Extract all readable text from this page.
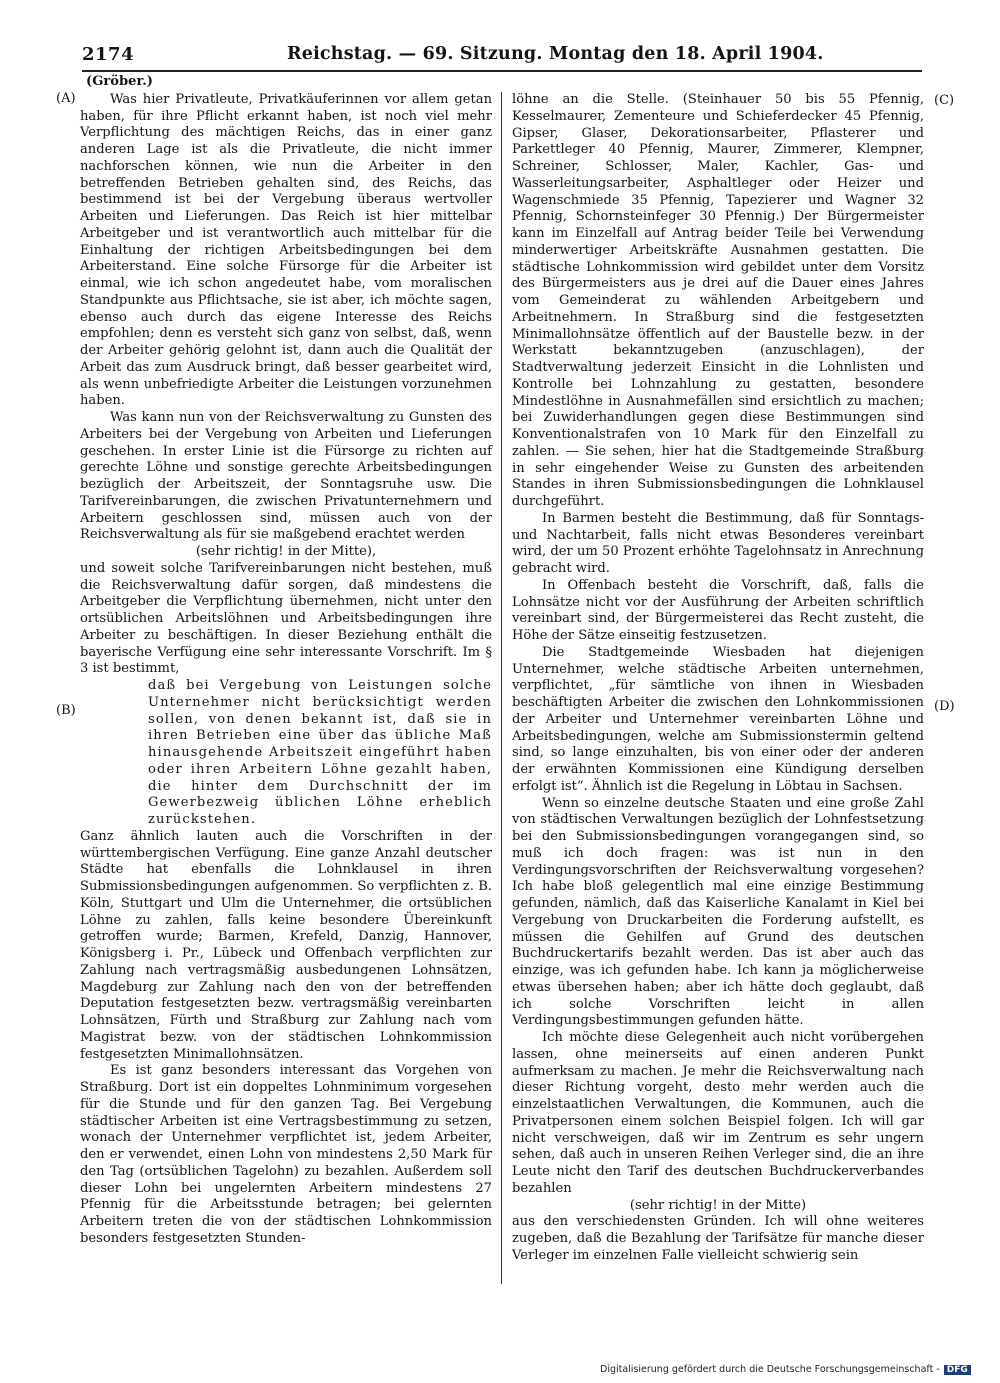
2174	Reichstag. — 69. Sitzung. Montag den 18. April 1904.
(A)
(B)
(C)
(D)

(Gröber.)

Was hier Privatleute, Privatkäuferinnen vor allem getan haben, für ihre Pflicht erkannt haben, ist noch viel mehr Verpflichtung des mächtigen Reichs, das in einer ganz anderen Lage ist als die Privatleute, die nicht immer nachforschen können, wie nun die Arbeiter in den betreffenden Betrieben gehalten sind, des Reichs, das bestimmend ist bei der Vergebung überaus wertvoller Arbeiten und Lieferungen. Das Reich ist hier mittelbar Arbeitgeber und ist verantwortlich auch mittelbar für die Einhaltung der richtigen Arbeitsbedingungen bei dem Arbeiterstand. Eine solche Fürsorge für die Arbeiter ist einmal, wie ich schon angedeutet habe, vom moralischen Standpunkte aus Pflichtsache, sie ist aber, ich möchte sagen, ebenso auch durch das eigene Interesse des Reichs empfohlen; denn es versteht sich ganz von selbst, daß, wenn der Arbeiter gehörig gelohnt ist, dann auch die Qualität der Arbeit das zum Ausdruck bringt, daß besser gearbeitet wird, als wenn unbefriedigte Arbeiter die Leistungen vorzunehmen haben.

Was kann nun von der Reichsverwaltung zu Gunsten des Arbeiters bei der Vergebung von Arbeiten und Lieferungen geschehen. In erster Linie ist die Fürsorge zu richten auf gerechte Löhne und sonstige gerechte Arbeitsbedingungen bezüglich der Arbeitszeit, der Sonntagsruhe usw. Die Tarifvereinbarungen, die zwischen Privatunternehmern und Arbeitern geschlossen sind, müssen auch von der Reichsverwaltung als für sie maßgebend erachtet werden

(sehr richtig! in der Mitte),

und soweit solche Tarifvereinbarungen nicht bestehen, muß die Reichsverwaltung dafür sorgen, daß mindestens die Arbeitgeber die Verpflichtung übernehmen, nicht unter den ortsüblichen Arbeitslöhnen und Arbeitsbedingungen ihre Arbeiter zu beschäftigen. In dieser Beziehung enthält die bayerische Verfügung eine sehr interessante Vorschrift. Im § 3 ist bestimmt,

daß bei Vergebung von Leistungen solche Unternehmer nicht berücksichtigt werden sollen, von denen bekannt ist, daß sie in ihren Betrieben eine über das übliche Maß hinausgehende Arbeitszeit eingeführt haben oder ihren Arbeitern Löhne gezahlt haben, die hinter dem Durchschnitt der im Gewerbezweig üblichen Löhne erheblich zurückstehen.

Ganz ähnlich lauten auch die Vorschriften in der württembergischen Verfügung. Eine ganze Anzahl deutscher Städte hat ebenfalls die Lohnklausel in ihren Submissionsbedingungen aufgenommen. So verpflichten z. B. Köln, Stuttgart und Ulm die Unternehmer, die ortsüblichen Löhne zu zahlen, falls keine besondere Übereinkunft getroffen wurde; Barmen, Krefeld, Danzig, Hannover, Königsberg i. Pr., Lübeck und Offenbach verpflichten zur Zahlung nach vertragsmäßig ausbedungenen Lohnsätzen, Magdeburg zur Zahlung nach den von der betreffenden Deputation festgesetzten bezw. vertragsmäßig vereinbarten Lohnsätzen, Fürth und Straßburg zur Zahlung nach vom Magistrat bezw. von der städtischen Lohnkommission festgesetzten Minimallohnsätzen.

Es ist ganz besonders interessant das Vorgehen von Straßburg. Dort ist ein doppeltes Lohnminimum vorgesehen für die Stunde und für den ganzen Tag. Bei Vergebung städtischer Arbeiten ist eine Vertragsbestimmung zu setzen, wonach der Unternehmer verpflichtet ist, jedem Arbeiter, den er verwendet, einen Lohn von mindestens 2,50 Mark für den Tag (ortsüblichen Tagelohn) zu bezahlen. Außerdem soll dieser Lohn bei ungelernten Arbeitern mindestens 27 Pfennig für die Arbeitsstunde betragen; bei gelernten Arbeitern treten die von der städtischen Lohnkommission besonders festgesetzten Stunden-

löhne an die Stelle. (Steinhauer 50 bis 55 Pfennig, Kesselmaurer, Zementeure und Schieferdecker 45 Pfennig, Gipser, Glaser, Dekorationsarbeiter, Pflasterer und Parkettleger 40 Pfennig, Maurer, Zimmerer, Klempner, Schreiner, Schlosser, Maler, Kachler, Gas- und Wasserleitungsarbeiter, Asphaltleger oder Heizer und Wagenschmiede 35 Pfennig, Tapezierer und Wagner 32 Pfennig, Schornsteinfeger 30 Pfennig.) Der Bürgermeister kann im Einzelfall auf Antrag beider Teile bei Verwendung minderwertiger Arbeitskräfte Ausnahmen gestatten. Die städtische Lohnkommission wird gebildet unter dem Vorsitz des Bürgermeisters aus je drei auf die Dauer eines Jahres vom Gemeinderat zu wählenden Arbeitgebern und Arbeitnehmern. In Straßburg sind die festgesetzten Minimallohnsätze öffentlich auf der Baustelle bezw. in der Werkstatt bekanntzugeben (anzuschlagen), der Stadtverwaltung jederzeit Einsicht in die Lohnlisten und Kontrolle bei Lohnzahlung zu gestatten, besondere Mindestlöhne in Ausnahmefällen sind ersichtlich zu machen; bei Zuwiderhandlungen gegen diese Bestimmungen sind Konventionalstrafen von 10 Mark für den Einzelfall zu zahlen. — Sie sehen, hier hat die Stadtgemeinde Straßburg in sehr eingehender Weise zu Gunsten des arbeitenden Standes in ihren Submissionsbedingungen die Lohnklausel durchgeführt.

In Barmen besteht die Bestimmung, daß für Sonntags- und Nachtarbeit, falls nicht etwas Besonderes vereinbart wird, der um 50 Prozent erhöhte Tagelohnsatz in Anrechnung gebracht wird.

In Offenbach besteht die Vorschrift, daß, falls die Lohnsätze nicht vor der Ausführung der Arbeiten schriftlich vereinbart sind, der Bürgermeisterei das Recht zusteht, die Höhe der Sätze einseitig festzusetzen.

Die Stadtgemeinde Wiesbaden hat diejenigen Unternehmer, welche städtische Arbeiten unternehmen, verpflichtet, „für sämtliche von ihnen in Wiesbaden beschäftigten Arbeiter die zwischen den Lohnkommissionen der Arbeiter und Unternehmer vereinbarten Löhne und Arbeitsbedingungen, welche am Submissionstermin geltend sind, so lange einzuhalten, bis von einer oder der anderen der erwähnten Kommissionen eine Kündigung derselben erfolgt ist“. Ähnlich ist die Regelung in Löbtau in Sachsen.

Wenn so einzelne deutsche Staaten und eine große Zahl von städtischen Verwaltungen bezüglich der Lohnfestsetzung bei den Submissionsbedingungen vorangegangen sind, so muß ich doch fragen: was ist nun in den Verdingungsvorschriften der Reichsverwaltung vorgesehen? Ich habe bloß gelegentlich mal eine einzige Bestimmung gefunden, nämlich, daß das Kaiserliche Kanalamt in Kiel bei Vergebung von Druckarbeiten die Forderung aufstellt, es müssen die Gehilfen auf Grund des deutschen Buchdruckertarifs bezahlt werden. Das ist aber auch das einzige, was ich gefunden habe. Ich kann ja möglicherweise etwas übersehen haben; aber ich hätte doch geglaubt, daß ich solche Vorschriften leicht in allen Verdingungsbestimmungen gefunden hätte.

Ich möchte diese Gelegenheit auch nicht vorübergehen lassen, ohne meinerseits auf einen anderen Punkt aufmerksam zu machen. Je mehr die Reichsverwaltung nach dieser Richtung vorgeht, desto mehr werden auch die einzelstaatlichen Verwaltungen, die Kommunen, auch die Privatpersonen einem solchen Beispiel folgen. Ich will gar nicht verschweigen, daß wir im Zentrum es sehr ungern sehen, daß auch in unseren Reihen Verleger sind, die an ihre Leute nicht den Tarif des deutschen Buchdruckerverbandes bezahlen

(sehr richtig! in der Mitte)

aus den verschiedensten Gründen. Ich will ohne weiteres zugeben, daß die Bezahlung der Tarifsätze für manche dieser Verleger im einzelnen Falle vielleicht schwierig sein

Digitalisierung gefördert durch die Deutsche Forschungsgemeinschaft - DFG
